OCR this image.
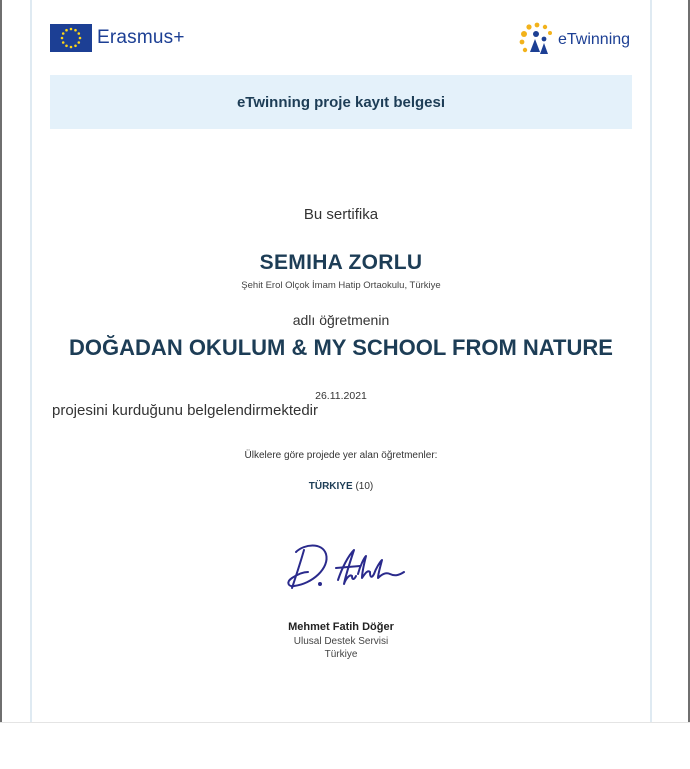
Erasmus+	eTwinning
eTwinning proje kayıt belgesi
Bu sertifika
SEMIHA ZORLU
Şehit Erol Olçok İmam Hatip Ortaokulu, Türkiye
adlı öğretmenin
DOĞADAN OKULUM & MY SCHOOL FROM NATURE
26.11.2021
projesini kurduğunu belgelendirmektedir
Ülkelere göre projede yer alan öğretmenler:
TÜRKIYE (10)
Mehmet Fatih Döğer
Ulusal Destek Servisi
Türkiye
